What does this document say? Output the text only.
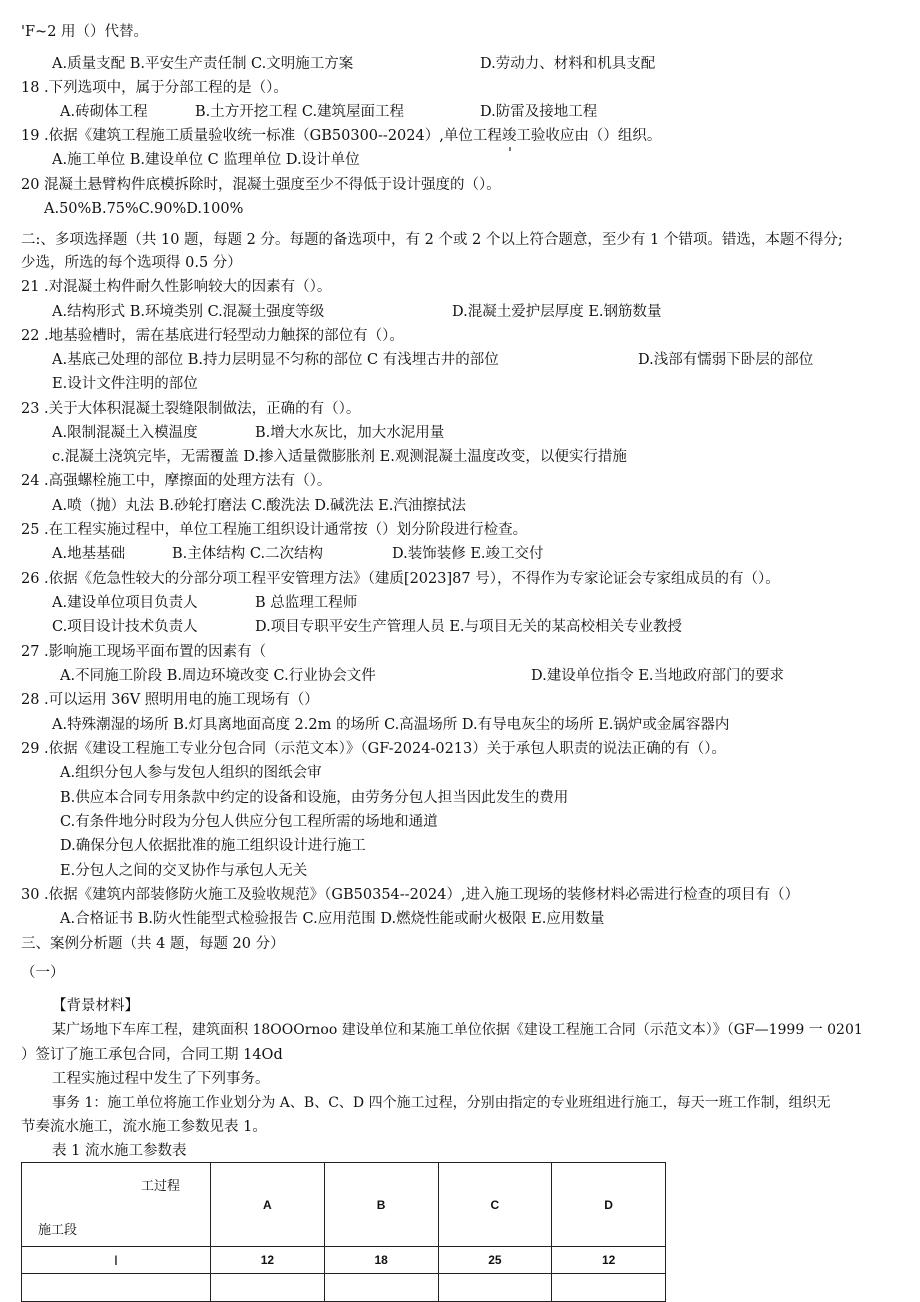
'F~2 用（）代替。
A.质量支配 B.平安生产责任制 C.文明施工方案	D.劳动力、材料和机具支配
18 .下列选项中，属于分部工程的是（）。
A.砖砌体工程	B.土方开挖工程 C.建筑屋面工程	D.防雷及接地工程
19 .依据《建筑工程施工质量验收统一标准（GB50300--2024）,单位工程竣工验收应由（）组织。
A.施工单位 B.建设单位 C 监理单位 D.设计单位	'
20 混凝土悬臂构件底模拆除时，混凝土强度至少不得低于设计强度的（）。
A.50%B.75%C.90%D.100%
二:、多项选择题（共 10 题，每题 2 分。每题的备选项中，有 2 个或 2 个以上符合题意，至少有 1 个错项。错选，本题不得分;
少选，所选的每个选项得 0.5 分）
21 .对混凝土构件耐久性影响较大的因素有（）。
A.结构形式 B.环境类别 C.混凝土强度等级	D.混凝土爱护层厚度 E.钢筋数量
22 .地基验槽时，需在基底进行轻型动力触探的部位有（）。
A.基底己处理的部位 B.持力层明显不匀称的部位 C 有浅埋古井的部位	D.浅部有懦弱下卧层的部位
E.设计文件注明的部位
23 .关于大体积混凝土裂缝限制做法，正确的有（）。
A.限制混凝土入模温度	B.增大水灰比，加大水泥用量
c.混凝土浇筑完毕，无需覆盖 D.掺入适量微膨胀剂 E.观测混凝土温度改变，以便实行措施
24 .高强螺栓施工中，摩擦面的处理方法有（）。
A.喷（抛）丸法 B.砂轮打磨法 C.酸洗法 D.碱洗法 E.汽油擦拭法
25 .在工程实施过程中，单位工程施工组织设计通常按（）划分阶段进行检查。
A.地基基础	B.主体结构 C.二次结构	D.装饰装修 E.竣工交付
26 .依据《危急性较大的分部分项工程平安管理方法》（建质[2023]87 号），不得作为专家论证会专家组成员的有（）。
A.建设单位项目负责人	B 总监理工程师
C.项目设计技术负责人	D.项目专职平安生产管理人员 E.与项目无关的某高校相关专业教授
27 .影响施工现场平面布置的因素有（
A.不同施工阶段 B.周边环境改变 C.行业协会文件	D.建设单位指令 E.当地政府部门的要求
28 .可以运用 36V 照明用电的施工现场有（）
A.特殊潮湿的场所 B.灯具离地面高度 2.2m 的场所 C.高温场所 D.有导电灰尘的场所 E.锅炉或金属容器内
29 .依据《建设工程施工专业分包合同（示范文本）》（GF-2024-0213）关于承包人职责的说法正确的有（）。
A.组织分包人参与发包人组织的图纸会审
B.供应本合同专用条款中约定的设备和设施，由劳务分包人担当因此发生的费用
C.有条件地分时段为分包人供应分包工程所需的场地和通道
D.确保分包人依据批准的施工组织设计进行施工
E.分包人之间的交叉协作与承包人无关
30 .依据《建筑内部装修防火施工及验收规范》（GB50354--2024）,进入施工现场的装修材料必需进行检查的项目有（）
A.合格证书 B.防火性能型式检验报告 C.应用范围 D.燃烧性能或耐火极限 E.应用数量
三、案例分析题（共 4 题，每题 20 分）
（一）
【背景材料】
某广场地下车库工程，建筑面积 18OOOrnoo 建设单位和某施工单位依据《建设工程施工合同（示范文本）》（GF—1999 一 0201
）签订了施工承包合同，合同工期 14Od
工程实施过程中发生了下列事务。
事务 1：施工单位将施工作业划分为 A、B、C、D 四个施工过程，分别由指定的专业班组进行施工，每天一班工作制，组织无
节奏流水施工，流水施工参数见表 1。
表 1 流水施工参数表
工过程
施工段	A	B	C	D
I	12	18	25	12
